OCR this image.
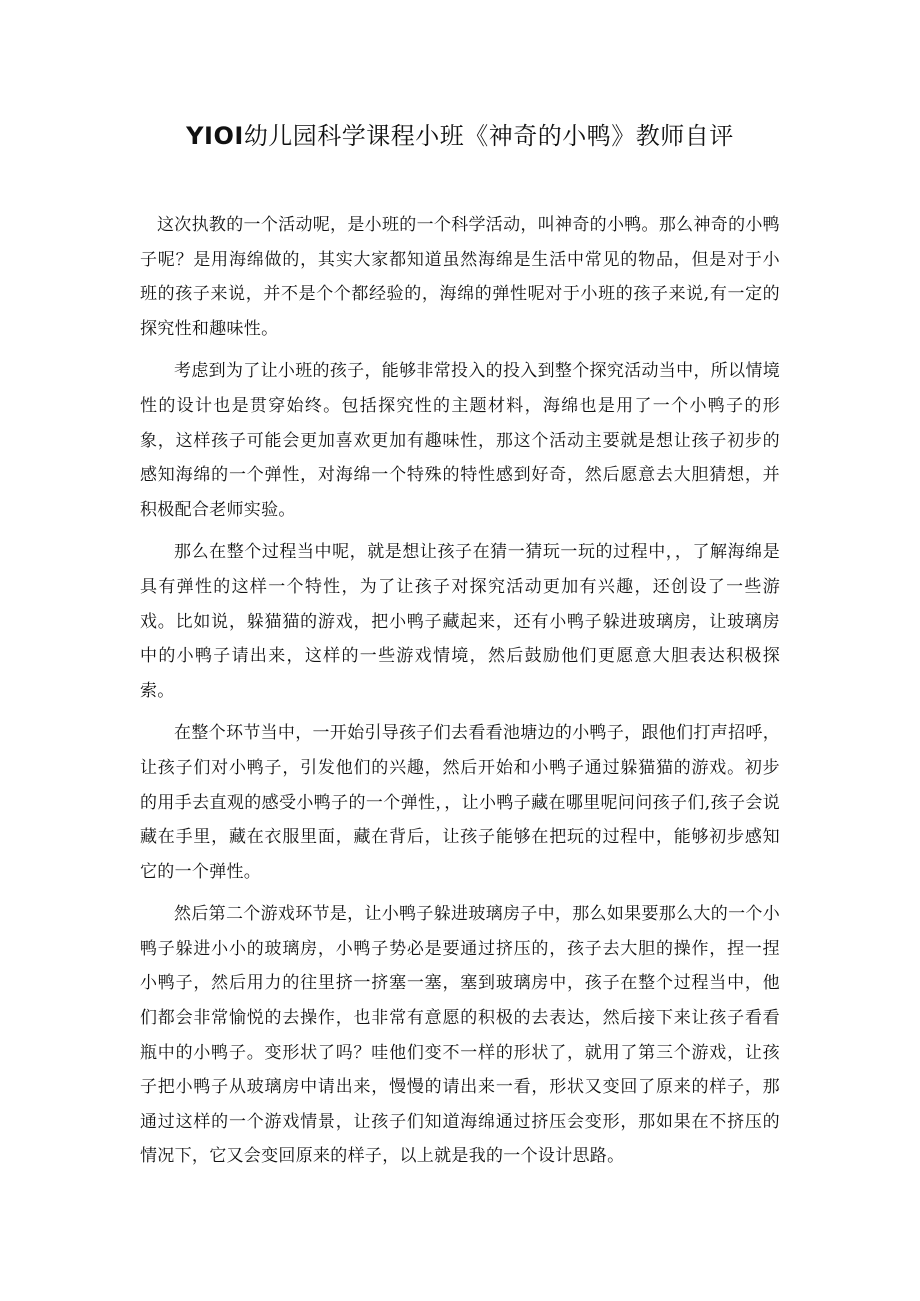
YIOI幼儿园科学课程小班《神奇的小鸭》教师自评

这次执教的一个活动呢，是小班的一个科学活动，叫神奇的小鸭。那么神奇的小鸭子呢？是用海绵做的，其实大家都知道虽然海绵是生活中常见的物品，但是对于小班的孩子来说，并不是个个都经验的，海绵的弹性呢对于小班的孩子来说,有一定的探究性和趣味性。

考虑到为了让小班的孩子，能够非常投入的投入到整个探究活动当中，所以情境性的设计也是贯穿始终。包括探究性的主题材料，海绵也是用了一个小鸭子的形象，这样孩子可能会更加喜欢更加有趣味性，那这个活动主要就是想让孩子初步的感知海绵的一个弹性，对海绵一个特殊的特性感到好奇，然后愿意去大胆猜想，并积极配合老师实验。

那么在整个过程当中呢，就是想让孩子在猜一猜玩一玩的过程中，，了解海绵是具有弹性的这样一个特性，为了让孩子对探究活动更加有兴趣，还创设了一些游戏。比如说，躲猫猫的游戏，把小鸭子藏起来，还有小鸭子躲进玻璃房，让玻璃房中的小鸭子请出来，这样的一些游戏情境，然后鼓励他们更愿意大胆表达积极探索。

在整个环节当中，一开始引导孩子们去看看池塘边的小鸭子，跟他们打声招呼，让孩子们对小鸭子，引发他们的兴趣，然后开始和小鸭子通过躲猫猫的游戏。初步的用手去直观的感受小鸭子的一个弹性，，让小鸭子藏在哪里呢问问孩子们,孩子会说藏在手里，藏在衣服里面，藏在背后，让孩子能够在把玩的过程中，能够初步感知它的一个弹性。

然后第二个游戏环节是，让小鸭子躲进玻璃房子中，那么如果要那么大的一个小鸭子躲进小小的玻璃房，小鸭子势必是要通过挤压的，孩子去大胆的操作，捏一捏小鸭子，然后用力的往里挤一挤塞一塞，塞到玻璃房中，孩子在整个过程当中，他们都会非常愉悦的去操作，也非常有意愿的积极的去表达，然后接下来让孩子看看瓶中的小鸭子。变形状了吗？哇他们变不一样的形状了，就用了第三个游戏，让孩子把小鸭子从玻璃房中请出来，慢慢的请出来一看，形状又变回了原来的样子，那通过这样的一个游戏情景，让孩子们知道海绵通过挤压会变形，那如果在不挤压的情况下，它又会变回原来的样子，以上就是我的一个设计思路。
